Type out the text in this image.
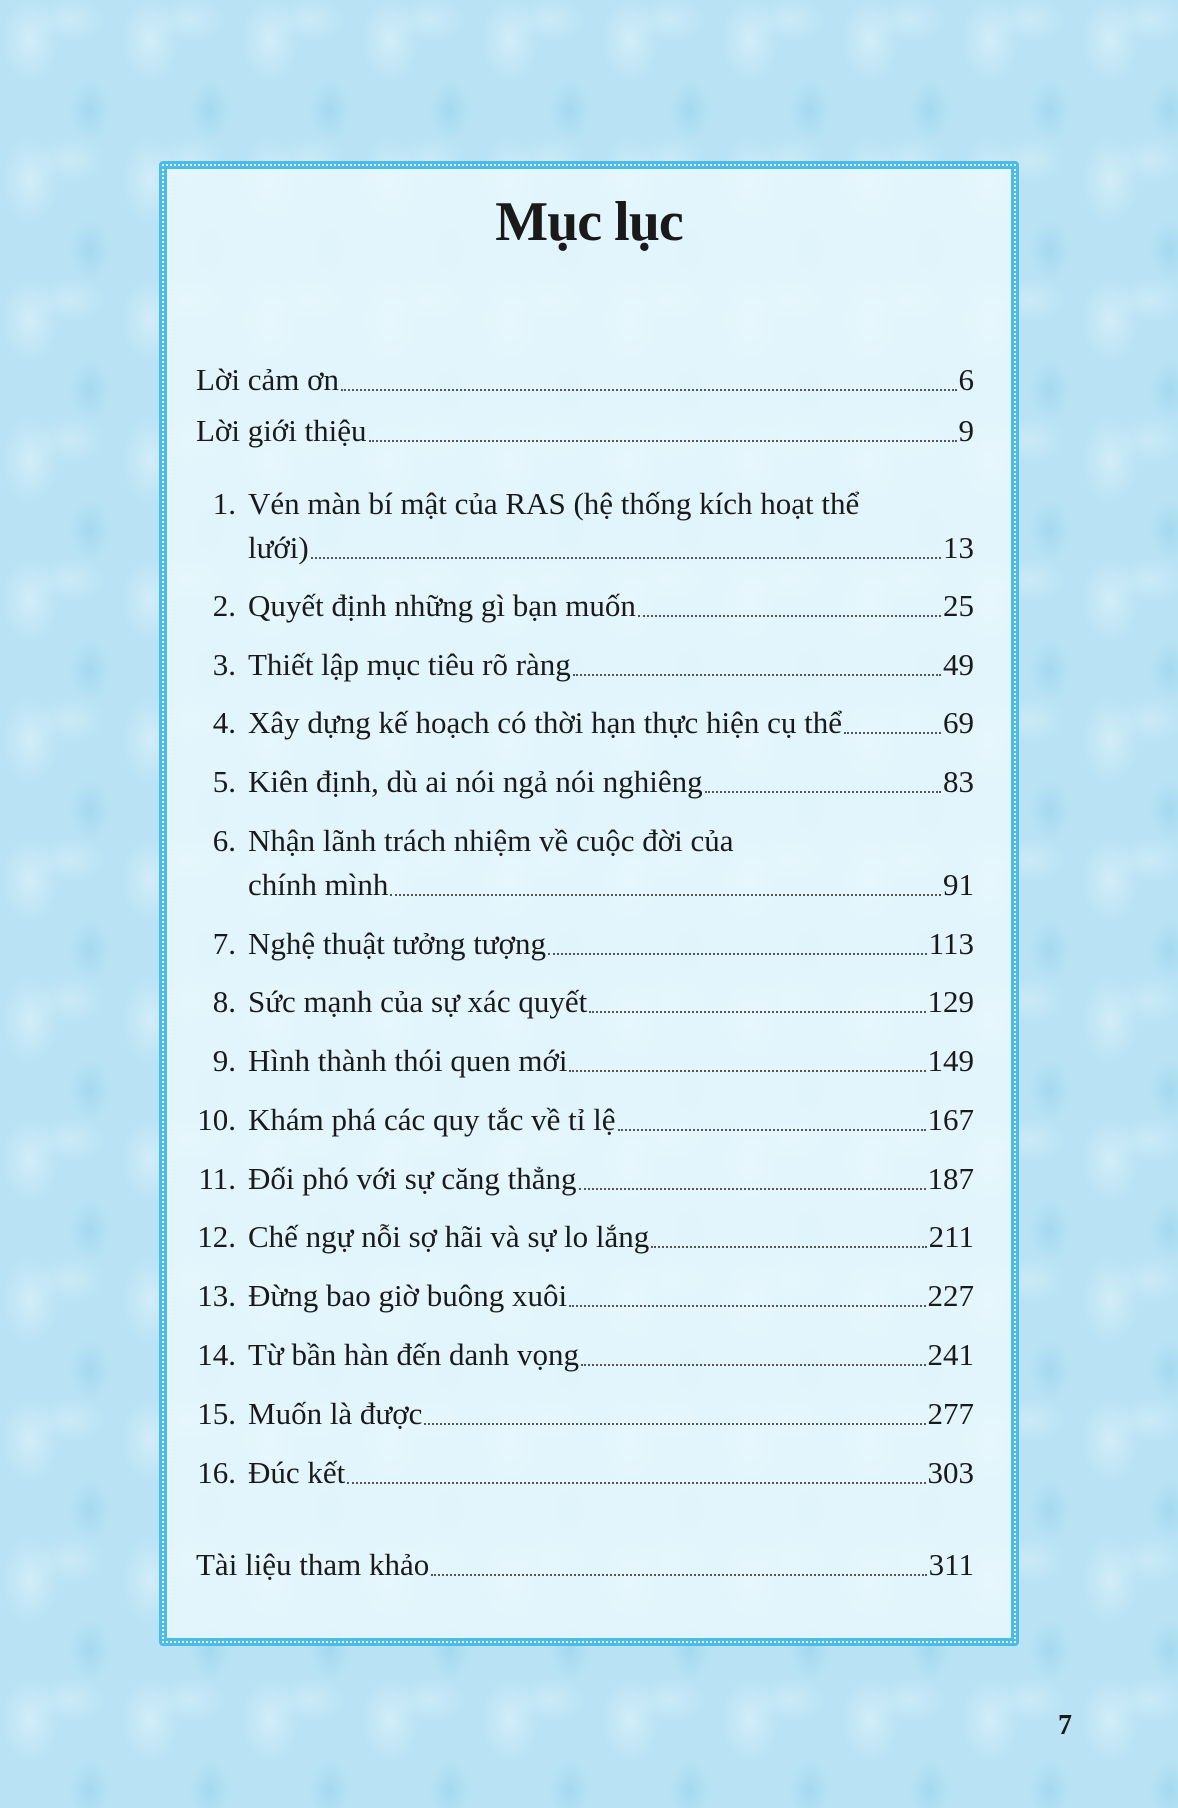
Mục lục
Lời cảm ơn	6
Lời giới thiệu	9
1. Vén màn bí mật của RAS (hệ thống kích hoạt thể
lưới)	13
2. Quyết định những gì bạn muốn	25
3. Thiết lập mục tiêu rõ ràng	49
4. Xây dựng kế hoạch có thời hạn thực hiện cụ thể	69
5. Kiên định, dù ai nói ngả nói nghiêng	83
6. Nhận lãnh trách nhiệm về cuộc đời của
chính mình	91
7. Nghệ thuật tưởng tượng	113
8. Sức mạnh của sự xác quyết	129
9. Hình thành thói quen mới	149
10. Khám phá các quy tắc về tỉ lệ	167
11. Đối phó với sự căng thẳng	187
12. Chế ngự nỗi sợ hãi và sự lo lắng	211
13. Đừng bao giờ buông xuôi	227
14. Từ bần hàn đến danh vọng	241
15. Muốn là được	277
16. Đúc kết	303
Tài liệu tham khảo	311
7
